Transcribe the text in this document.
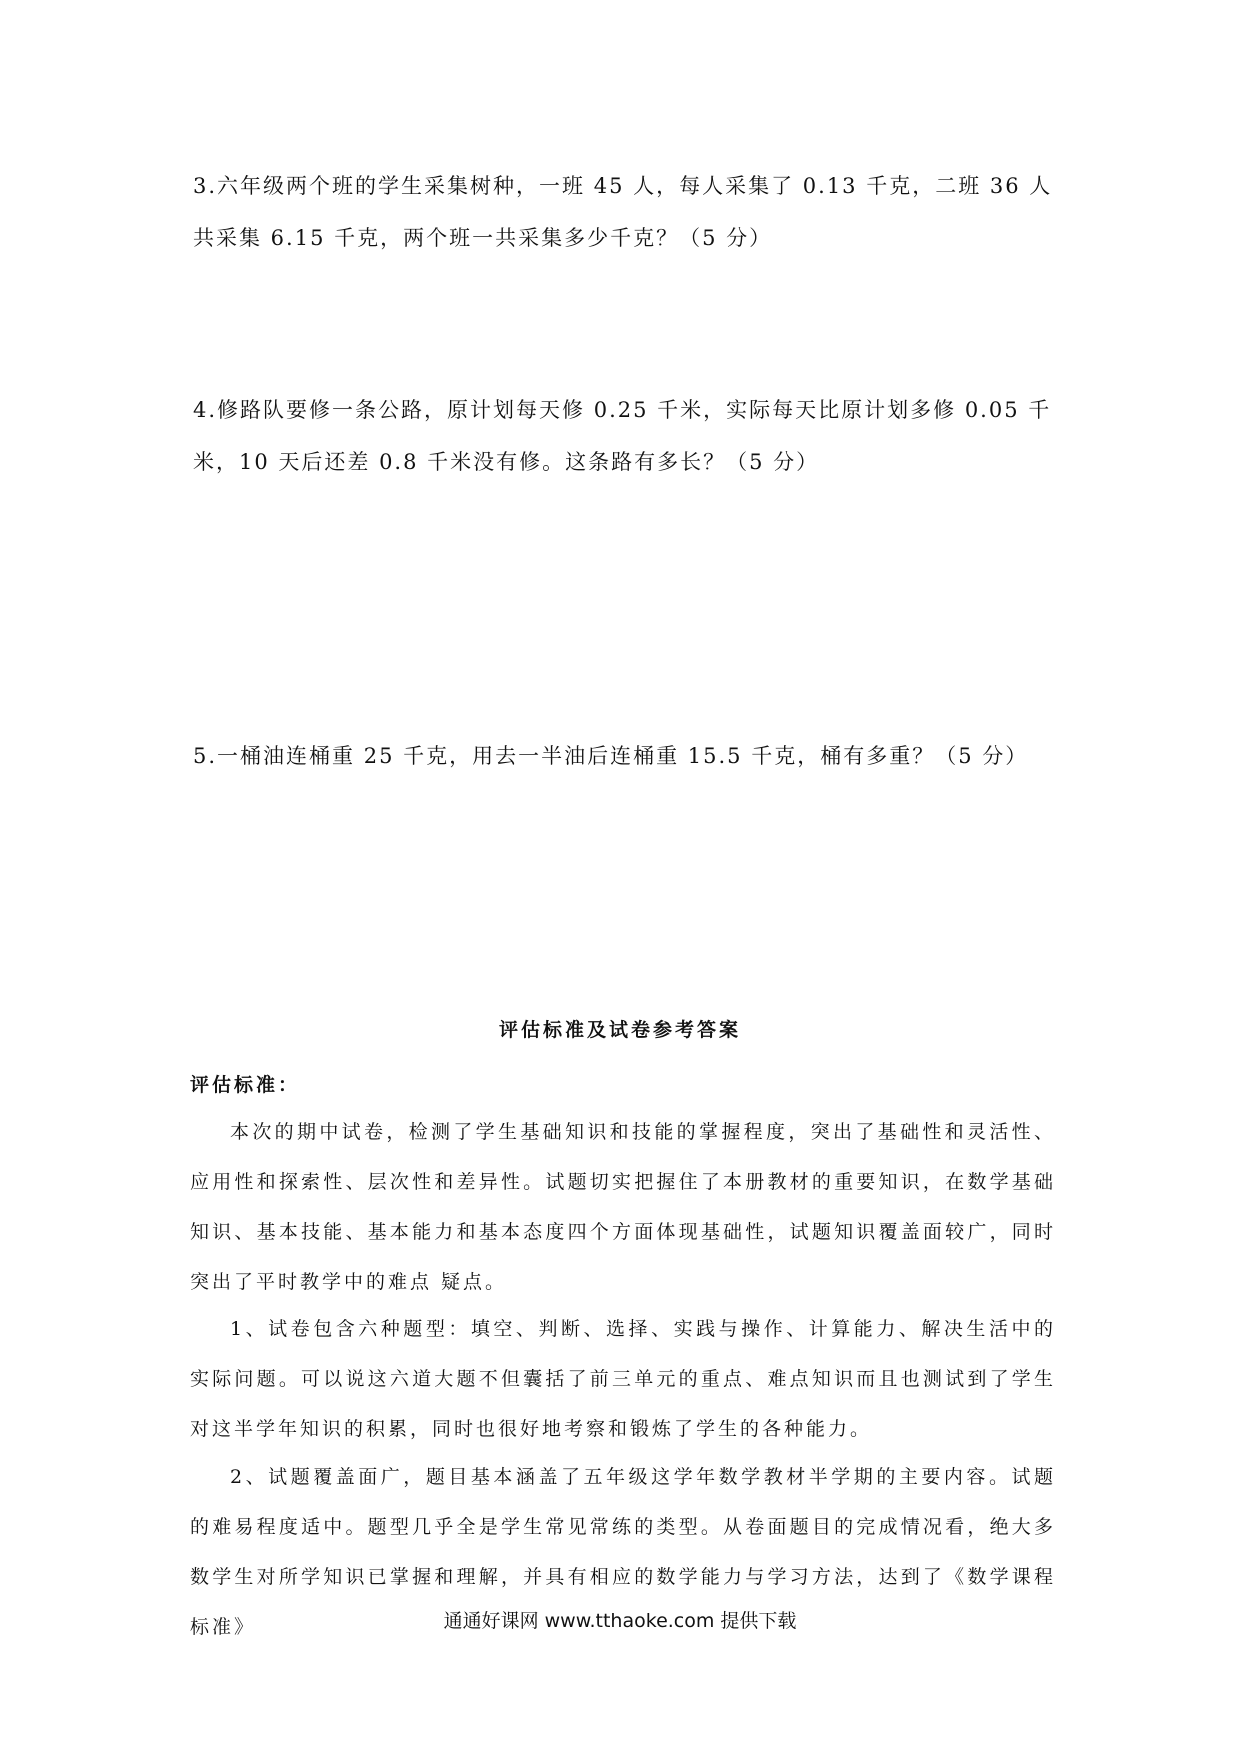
3.六年级两个班的学生采集树种，一班 45 人，每人采集了 0.13 千克，二班 36 人共采集 6.15 千克，两个班一共采集多少千克？（5 分）

4.修路队要修一条公路，原计划每天修 0.25 千米，实际每天比原计划多修 0.05 千米，10 天后还差 0.8 千米没有修。这条路有多长？（5 分）

5.一桶油连桶重 25 千克，用去一半油后连桶重 15.5 千克，桶有多重？（5 分）

评估标准及试卷参考答案
评估标准：

本次的期中试卷，检测了学生基础知识和技能的掌握程度，突出了基础性和灵活性、应用性和探索性、层次性和差异性。试题切实把握住了本册教材的重要知识，在数学基础知识、基本技能、基本能力和基本态度四个方面体现基础性，试题知识覆盖面较广，同时突出了平时教学中的难点 疑点。

1、试卷包含六种题型：填空、判断、选择、实践与操作、计算能力、解决生活中的实际问题。可以说这六道大题不但囊括了前三单元的重点、难点知识而且也测试到了学生对这半学年知识的积累，同时也很好地考察和锻炼了学生的各种能力。

2、试题覆盖面广，题目基本涵盖了五年级这学年数学教材半学期的主要内容。试题的难易程度适中。题型几乎全是学生常见常练的类型。从卷面题目的完成情况看，绝大多数学生对所学知识已掌握和理解，并具有相应的数学能力与学习方法，达到了《数学课程标准》	通通好课网 www.tthaoke.com 提供下载
